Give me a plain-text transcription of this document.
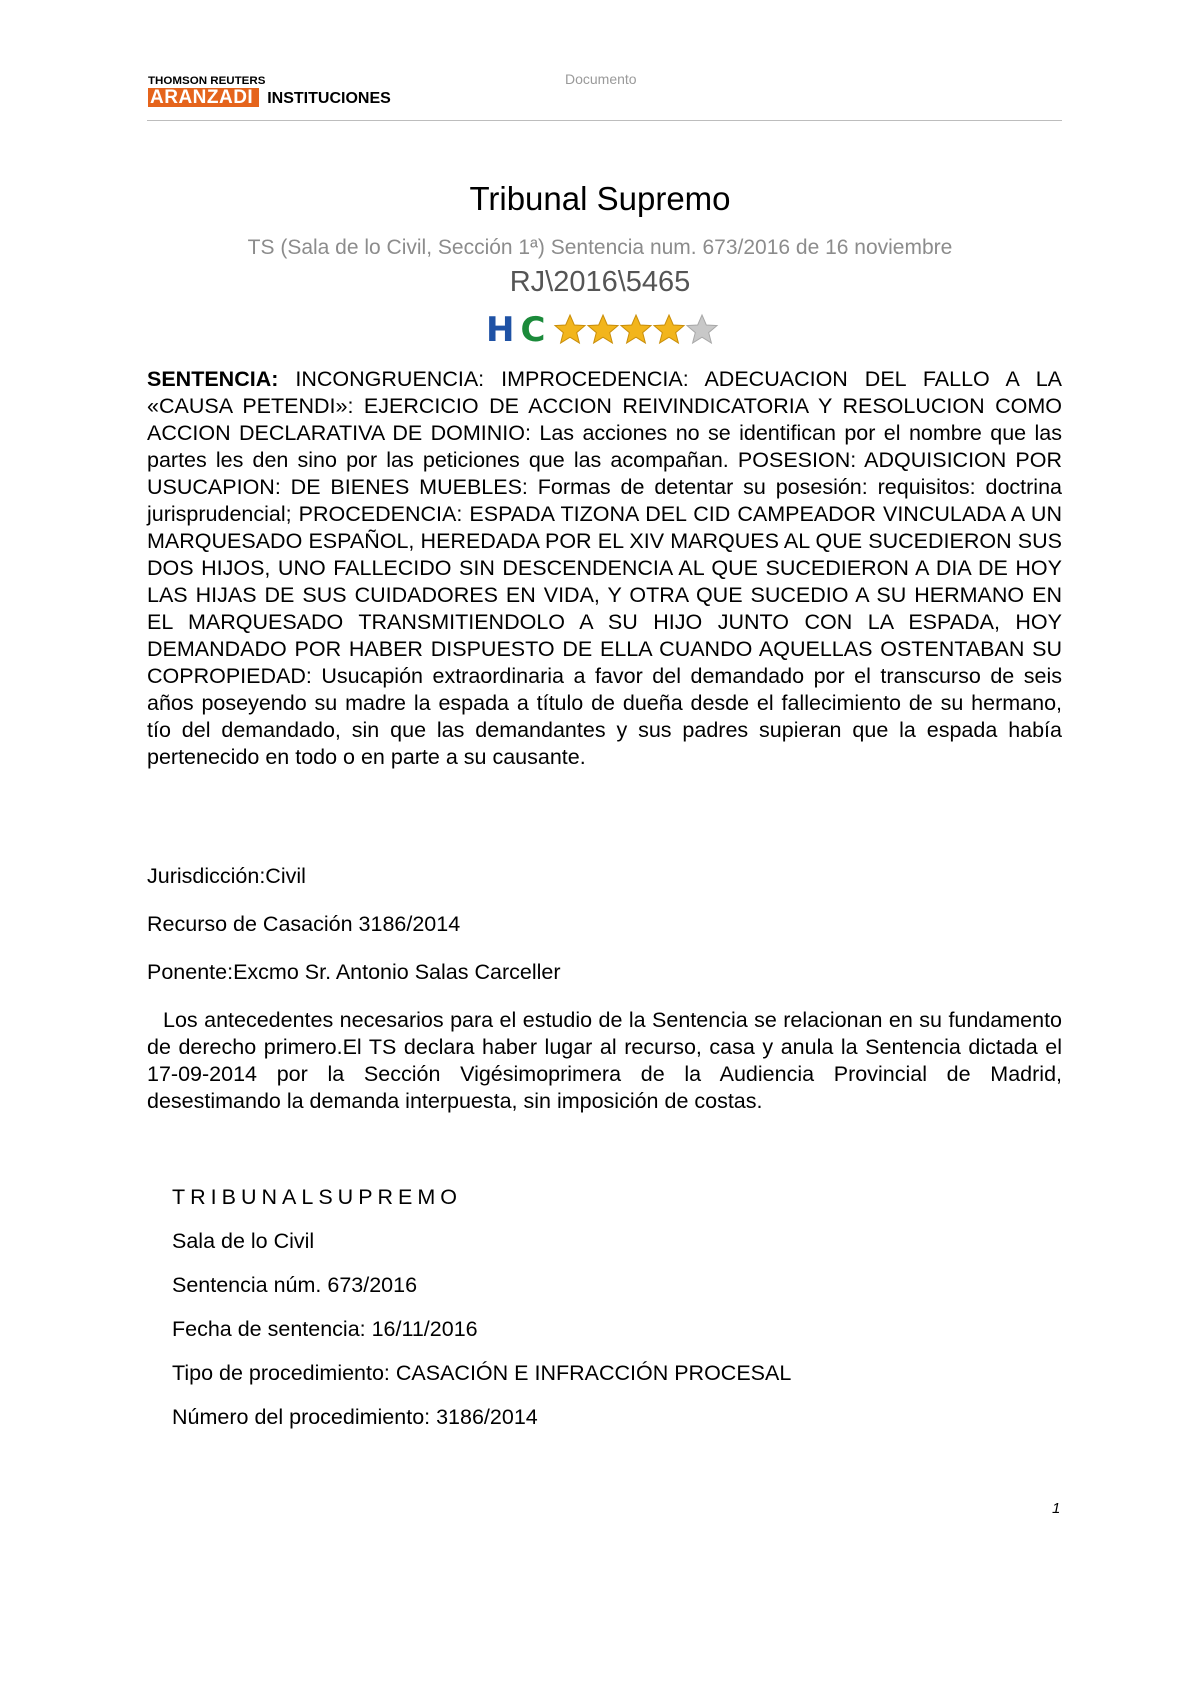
THOMSON REUTERS
ARANZADI INSTITUCIONES
Documento
Tribunal Supremo
TS (Sala de lo Civil, Sección 1ª) Sentencia num. 673/2016 de 16 noviembre
RJ\2016\5465
H C
SENTENCIA: INCONGRUENCIA: IMPROCEDENCIA: ADECUACION DEL FALLO A LA «CAUSA PETENDI»: EJERCICIO DE ACCION REIVINDICATORIA Y RESOLUCION COMO ACCION DECLARATIVA DE DOMINIO: Las acciones no se identifican por el nombre que las partes les den sino por las peticiones que las acompañan. POSESION: ADQUISICION POR USUCAPION: DE BIENES MUEBLES: Formas de detentar su posesión: requisitos: doctrina jurisprudencial; PROCEDENCIA: ESPADA TIZONA DEL CID CAMPEADOR VINCULADA A UN MARQUESADO ESPAÑOL, HEREDADA POR EL XIV MARQUES AL QUE SUCEDIERON SUS DOS HIJOS, UNO FALLECIDO SIN DESCENDENCIA AL QUE SUCEDIERON A DIA DE HOY LAS HIJAS DE SUS CUIDADORES EN VIDA, Y OTRA QUE SUCEDIO A SU HERMANO EN EL MARQUESADO TRANSMITIENDOLO A SU HIJO JUNTO CON LA ESPADA, HOY DEMANDADO POR HABER DISPUESTO DE ELLA CUANDO AQUELLAS OSTENTABAN SU COPROPIEDAD: Usucapión extraordinaria a favor del demandado por el transcurso de seis años poseyendo su madre la espada a título de dueña desde el fallecimiento de su hermano, tío del demandado, sin que las demandantes y sus padres supieran que la espada había pertenecido en todo o en parte a su causante.
Jurisdicción:Civil
Recurso de Casación 3186/2014
Ponente:Excmo Sr. Antonio Salas Carceller
Los antecedentes necesarios para el estudio de la Sentencia se relacionan en su fundamento de derecho primero.El TS declara haber lugar al recurso, casa y anula la Sentencia dictada el 17-09-2014 por la Sección Vigésimoprimera de la Audiencia Provincial de Madrid, desestimando la demanda interpuesta, sin imposición de costas.
TRIBUNALSUPREMO
Sala de lo Civil
Sentencia núm. 673/2016
Fecha de sentencia: 16/11/2016
Tipo de procedimiento: CASACIÓN E INFRACCIÓN PROCESAL
Número del procedimiento: 3186/2014
1
